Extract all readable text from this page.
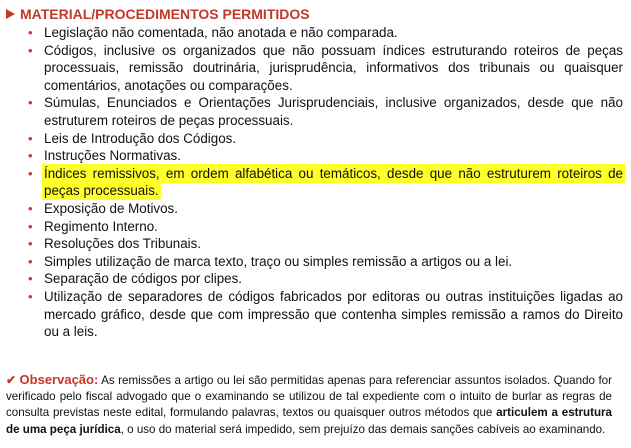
MATERIAL/PROCEDIMENTOS PERMITIDOS
• Legislação não comentada, não anotada e não comparada.
• Códigos, inclusive os organizados que não possuam índices estruturando roteiros de peças processuais, remissão doutrinária, jurisprudência, informativos dos tribunais ou quaisquer comentários, anotações ou comparações.
• Súmulas, Enunciados e Orientações Jurisprudenciais, inclusive organizados, desde que não estruturem roteiros de peças processuais.
• Leis de Introdução dos Códigos.
• Instruções Normativas.
• Índices remissivos, em ordem alfabética ou temáticos, desde que não estruturem roteiros de peças processuais.
• Exposição de Motivos.
• Regimento Interno.
• Resoluções dos Tribunais.
• Simples utilização de marca texto, traço ou simples remissão a artigos ou a lei.
• Separação de códigos por clipes.
• Utilização de separadores de códigos fabricados por editoras ou outras instituições ligadas ao mercado gráfico, desde que com impressão que contenha simples remissão a ramos do Direito ou a leis.

✔ Observação: As remissões a artigo ou lei são permitidas apenas para referenciar assuntos isolados. Quando for verificado pelo fiscal advogado que o examinando se utilizou de tal expediente com o intuito de burlar as regras de consulta previstas neste edital, formulando palavras, textos ou quaisquer outros métodos que articulem a estrutura de uma peça jurídica, o uso do material será impedido, sem prejuízo das demais sanções cabíveis ao examinando.
